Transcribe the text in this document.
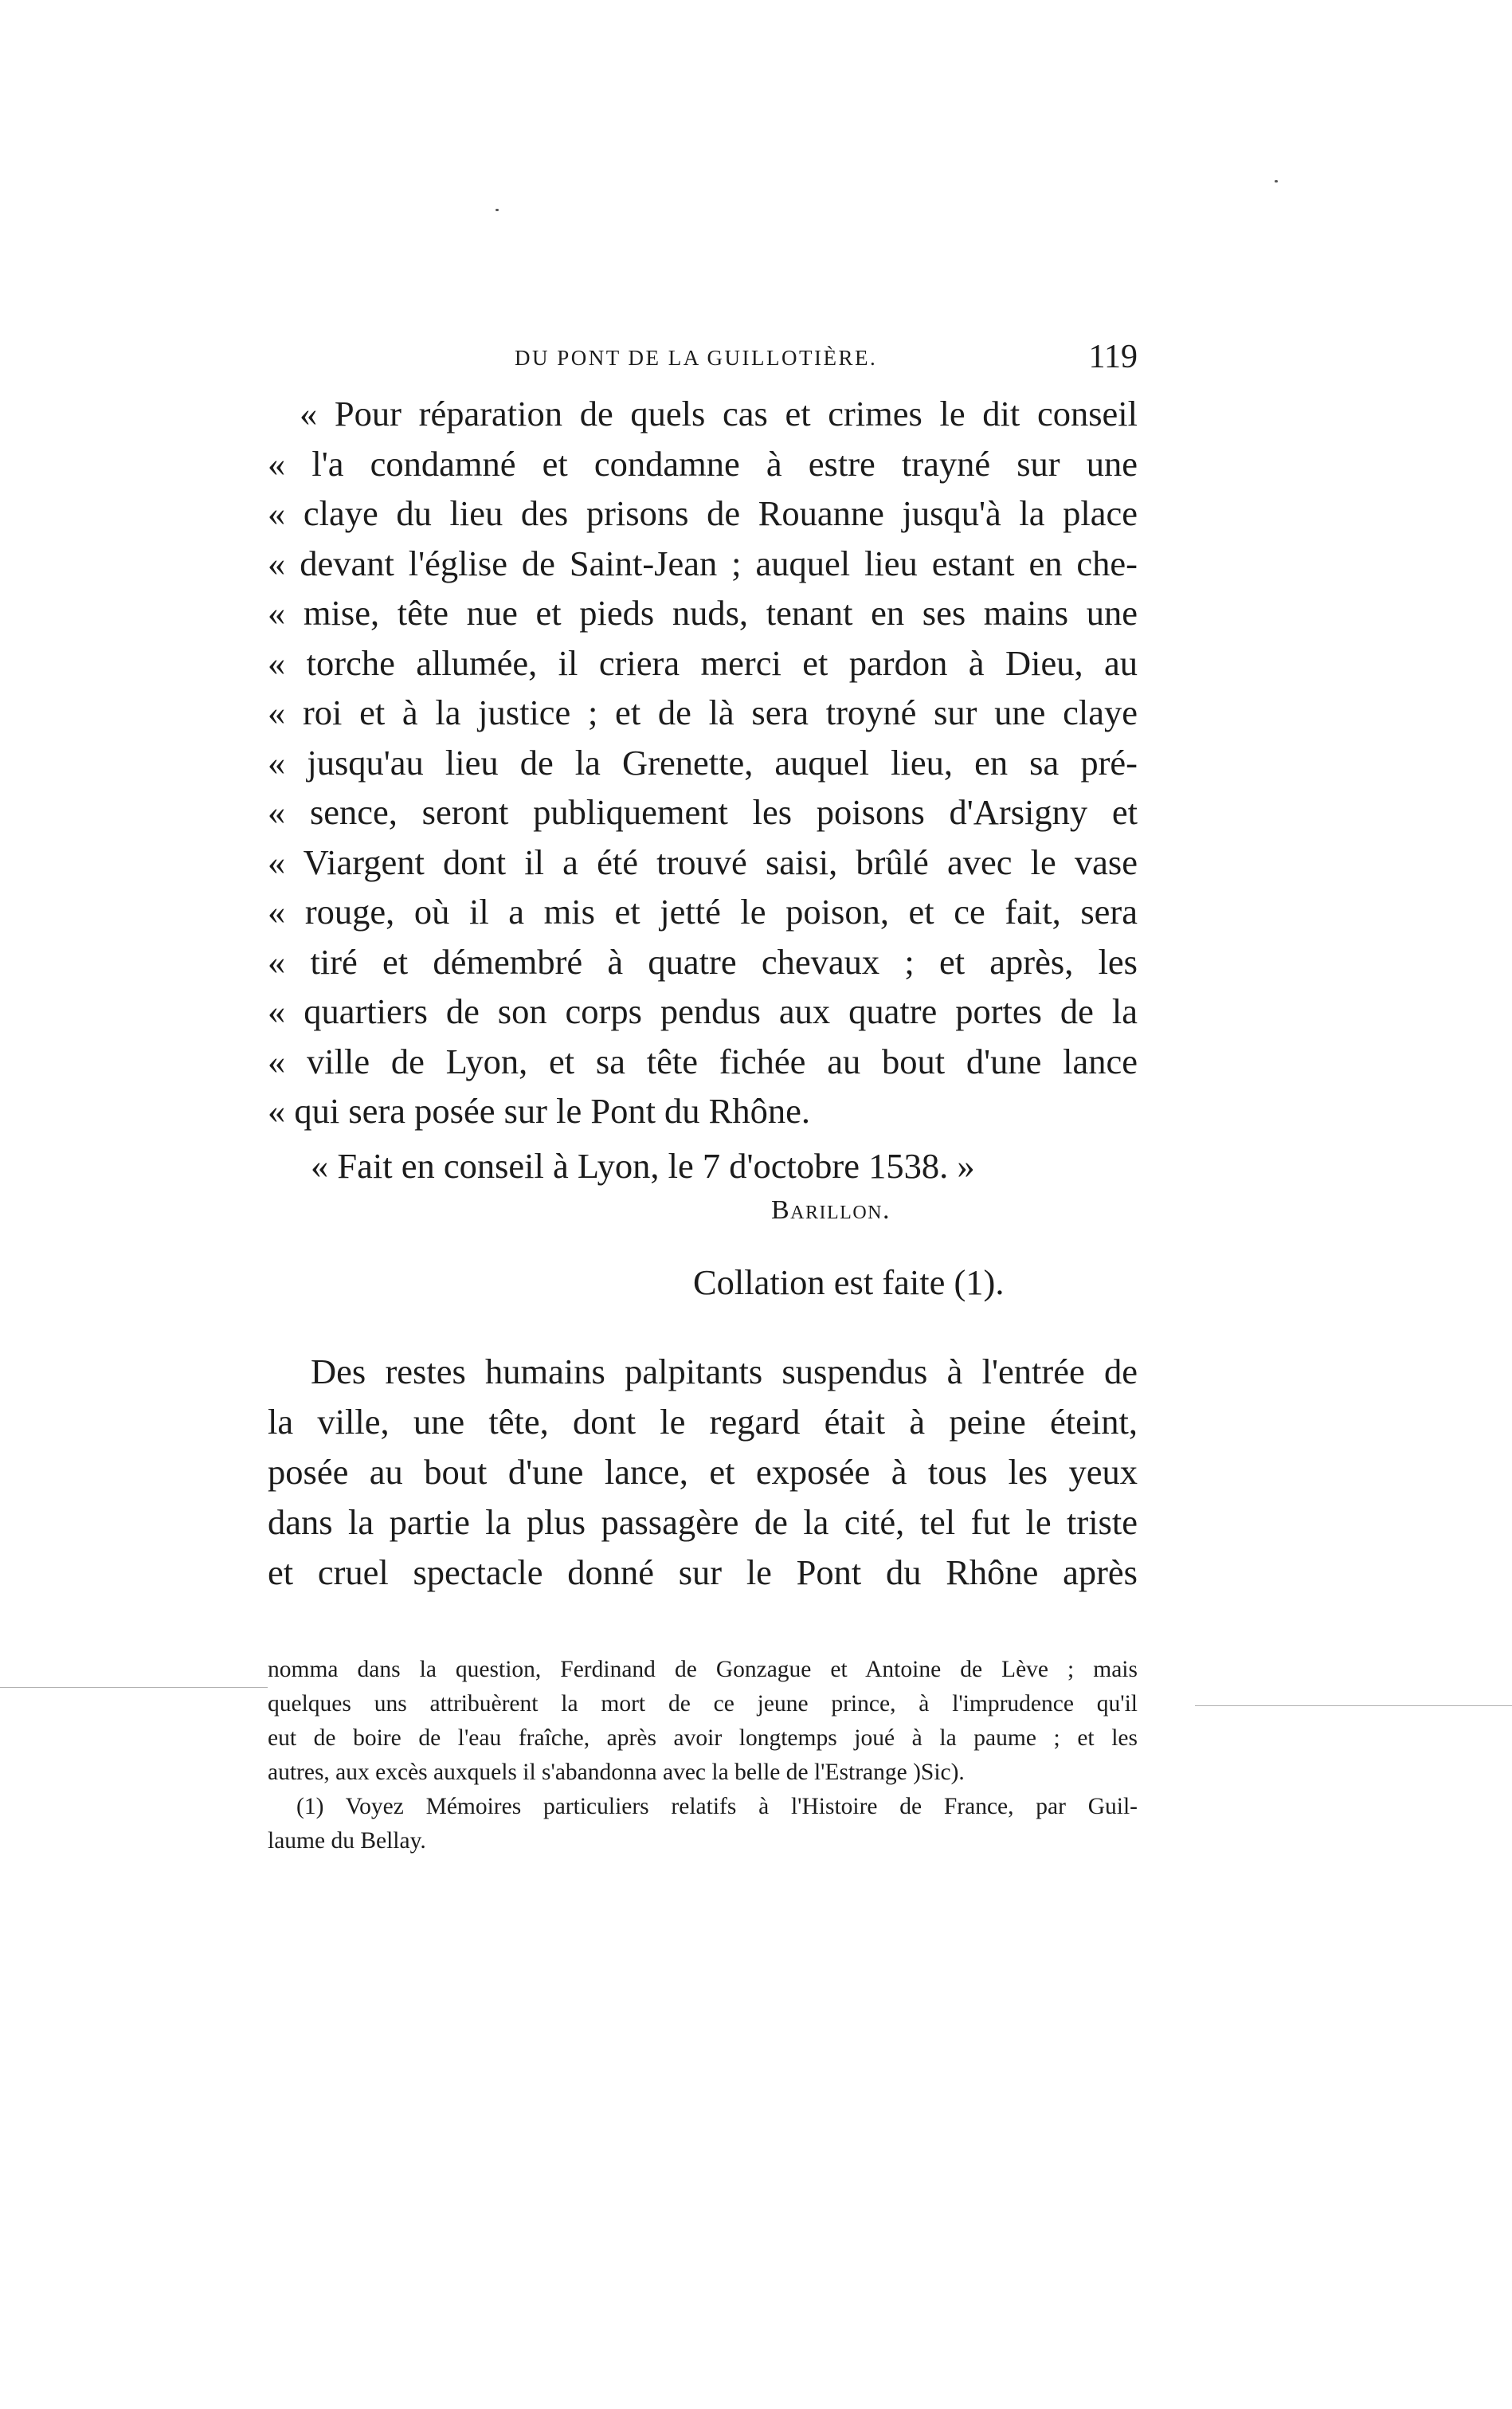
DU PONT DE LA GUILLOTIÈRE.	119
« Pour réparation de quels cas et crimes le dit conseil
« l'a condamné et condamne à estre trayné sur une
« claye du lieu des prisons de Rouanne jusqu'à la place
« devant l'église de Saint-Jean ; auquel lieu estant en che-
« mise, tête nue et pieds nuds, tenant en ses mains une
« torche allumée, il criera merci et pardon à Dieu, au
« roi et à la justice ; et de là sera troyné sur une claye
« jusqu'au lieu de la Grenette, auquel lieu, en sa pré-
« sence, seront publiquement les poisons d'Arsigny et
« Viargent dont il a été trouvé saisi, brûlé avec le vase
« rouge, où il a mis et jetté le poison, et ce fait, sera
« tiré et démembré à quatre chevaux ; et après, les
« quartiers de son corps pendus aux quatre portes de la
« ville de Lyon, et sa tête fichée au bout d'une lance
« qui sera posée sur le Pont du Rhône.
« Fait en conseil à Lyon, le 7 d'octobre 1538. »
Barillon.
Collation est faite (1).
Des restes humains palpitants suspendus à l'entrée de
la ville, une tête, dont le regard était à peine éteint,
posée au bout d'une lance, et exposée à tous les yeux
dans la partie la plus passagère de la cité, tel fut le triste
et cruel spectacle donné sur le Pont du Rhône après
nomma dans la question, Ferdinand de Gonzague et Antoine de Lève ; mais
quelques uns attribuèrent la mort de ce jeune prince, à l'imprudence qu'il
eut de boire de l'eau fraîche, après avoir longtemps joué à la paume ; et les
autres, aux excès auxquels il s'abandonna avec la belle de l'Estrange )Sic).
(1) Voyez Mémoires particuliers relatifs à l'Histoire de France, par Guil-
laume du Bellay.
